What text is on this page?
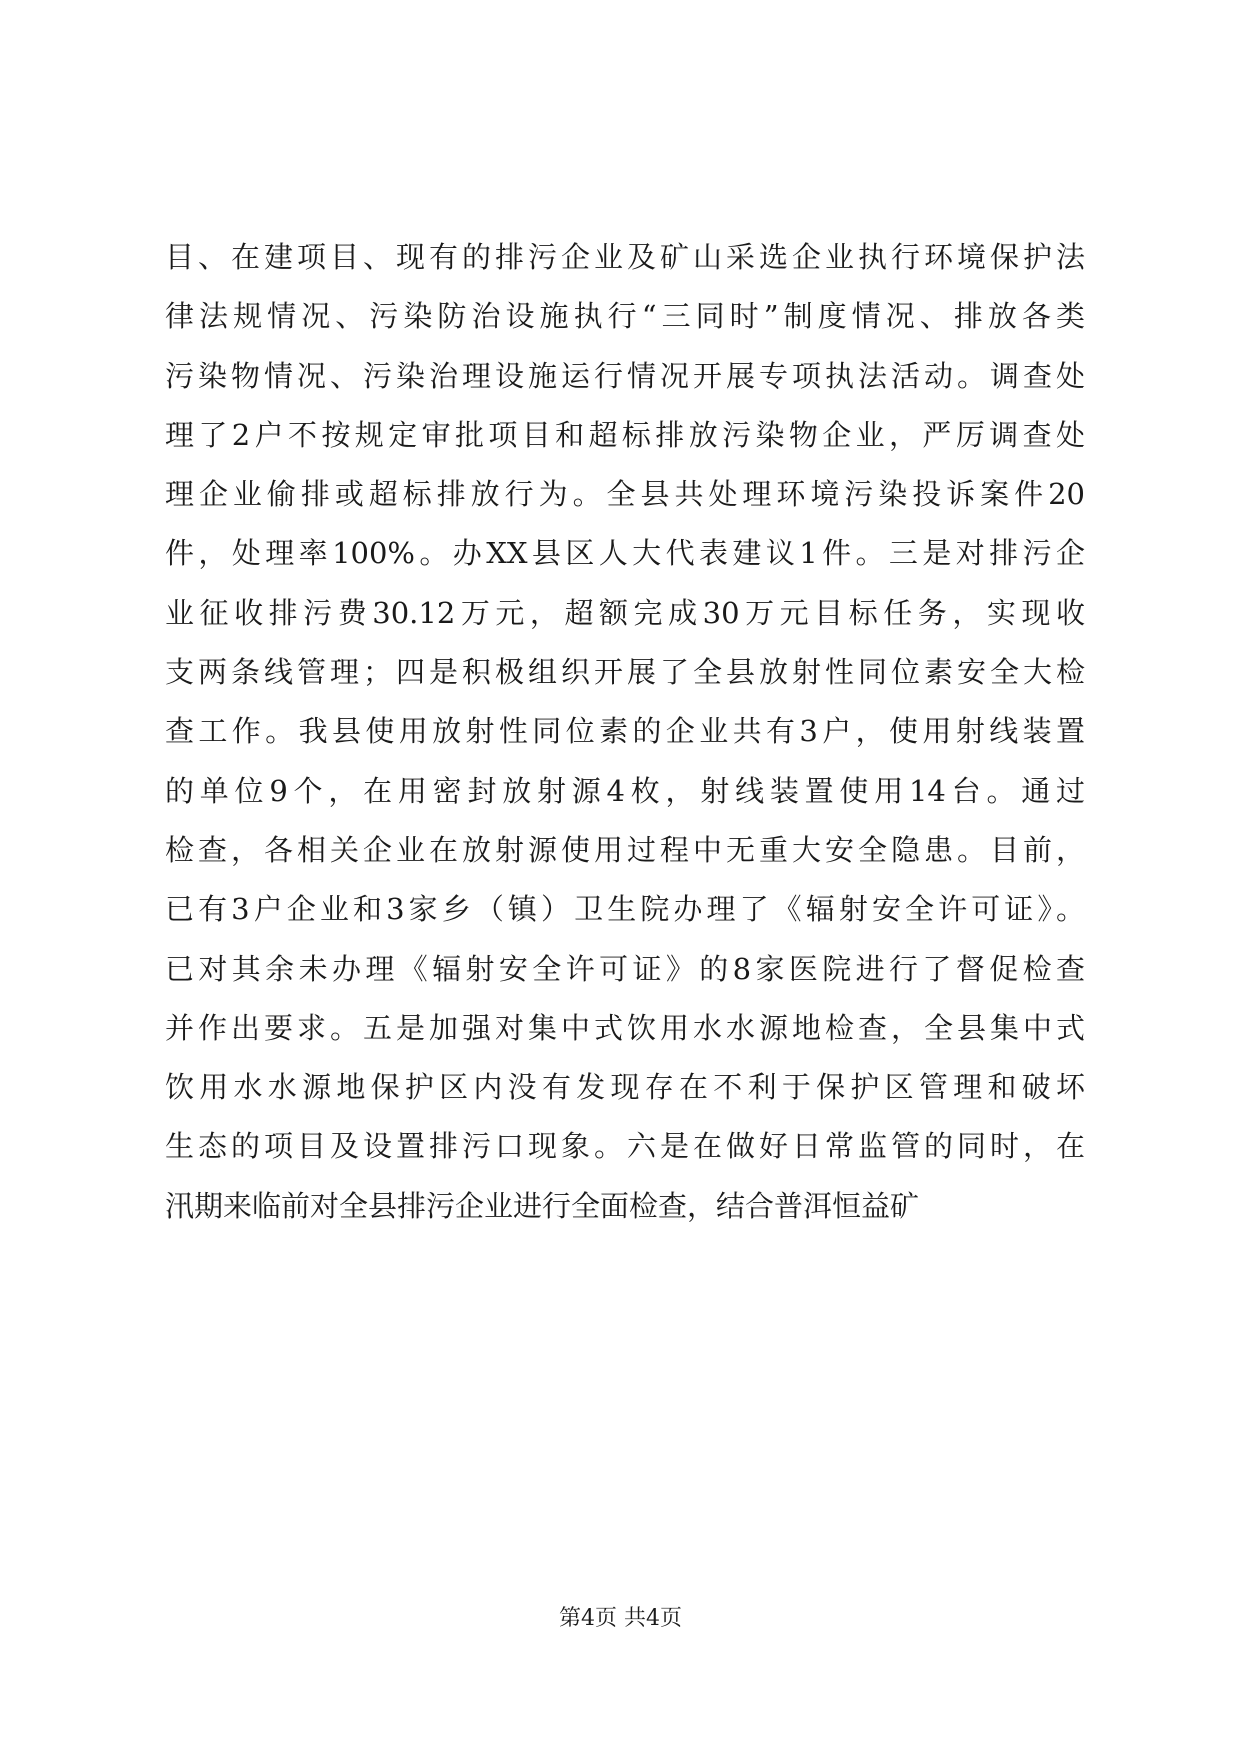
目、在建项目、现有的排污企业及矿山采选企业执行环境保护法
律法规情况、污染防治设施执行“三同时”制度情况、排放各类
污染物情况、污染治理设施运行情况开展专项执法活动。调查处
理了2户不按规定审批项目和超标排放污染物企业，严厉调查处
理企业偷排或超标排放行为。全县共处理环境污染投诉案件20
件，处理率100%。办XX县区人大代表建议1件。三是对排污企
业征收排污费30.12万元，超额完成30万元目标任务，实现收
支两条线管理；四是积极组织开展了全县放射性同位素安全大检
查工作。我县使用放射性同位素的企业共有3户，使用射线装置
的单位9个，在用密封放射源4枚，射线装置使用14台。通过
检查，各相关企业在放射源使用过程中无重大安全隐患。目前，
已有3户企业和3家乡（镇）卫生院办理了《辐射安全许可证》。
已对其余未办理《辐射安全许可证》的8家医院进行了督促检查
并作出要求。五是加强对集中式饮用水水源地检查，全县集中式
饮用水水源地保护区内没有发现存在不利于保护区管理和破坏
生态的项目及设置排污口现象。六是在做好日常监管的同时，在
汛期来临前对全县排污企业进行全面检查，结合普洱恒益矿
第4页 共4页
